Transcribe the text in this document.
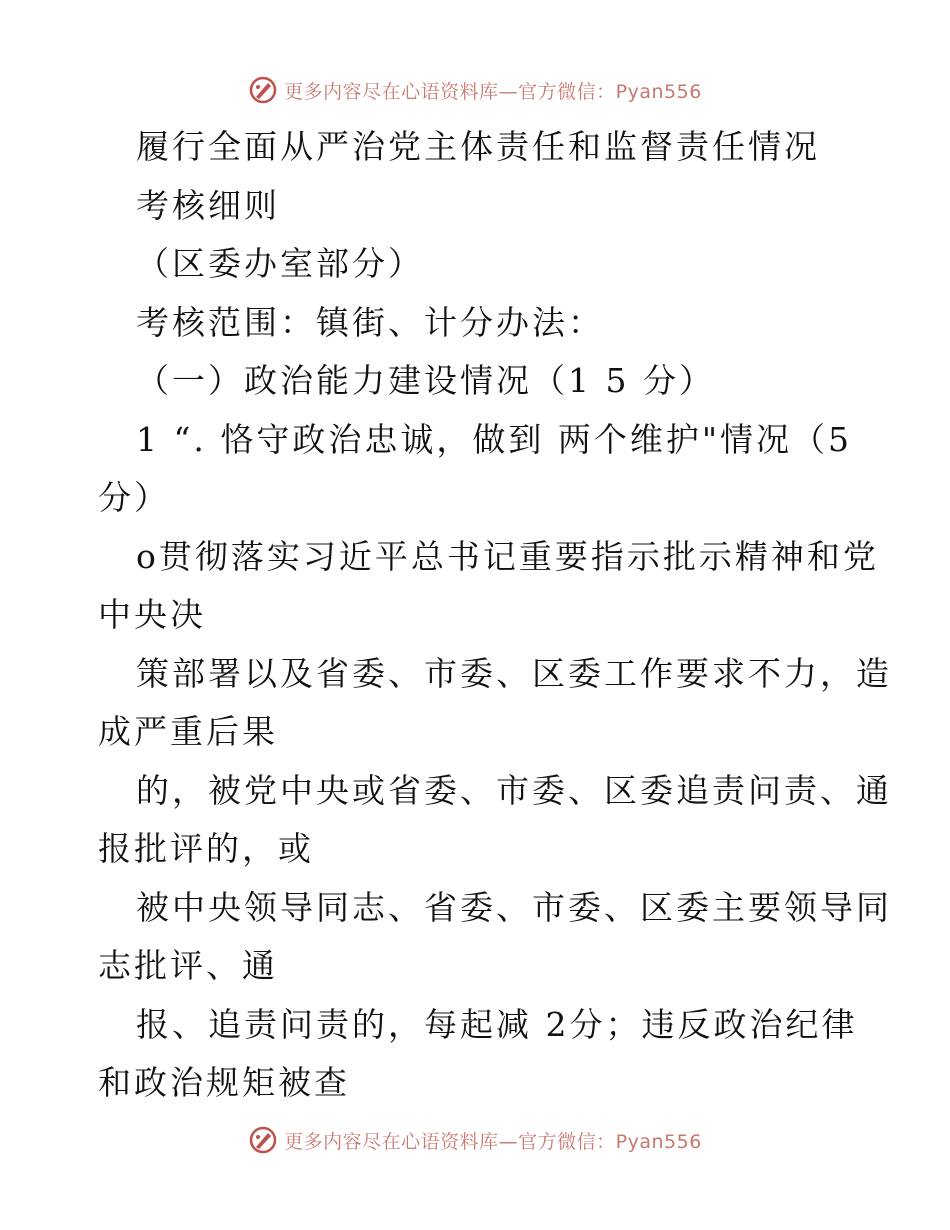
更多内容尽在心语资料库—官方微信：Pyan556

履行全面从严治党主体责任和监督责任情况

考核细则

（区委办室部分）

考核范围：镇街、计分办法：

（一）政治能力建设情况（1 5 分）

1 “. 恪守政治忠诚，做到 两个维护"情况（5

分）

o贯彻落实习近平总书记重要指示批示精神和党

中央决

策部署以及省委、市委、区委工作要求不力，造

成严重后果

的，被党中央或省委、市委、区委追责问责、通

报批评的，或

被中央领导同志、省委、市委、区委主要领导同

志批评、通

报、追责问责的，每起减 2分；违反政治纪律

和政治规矩被查

更多内容尽在心语资料库—官方微信：Pyan556
